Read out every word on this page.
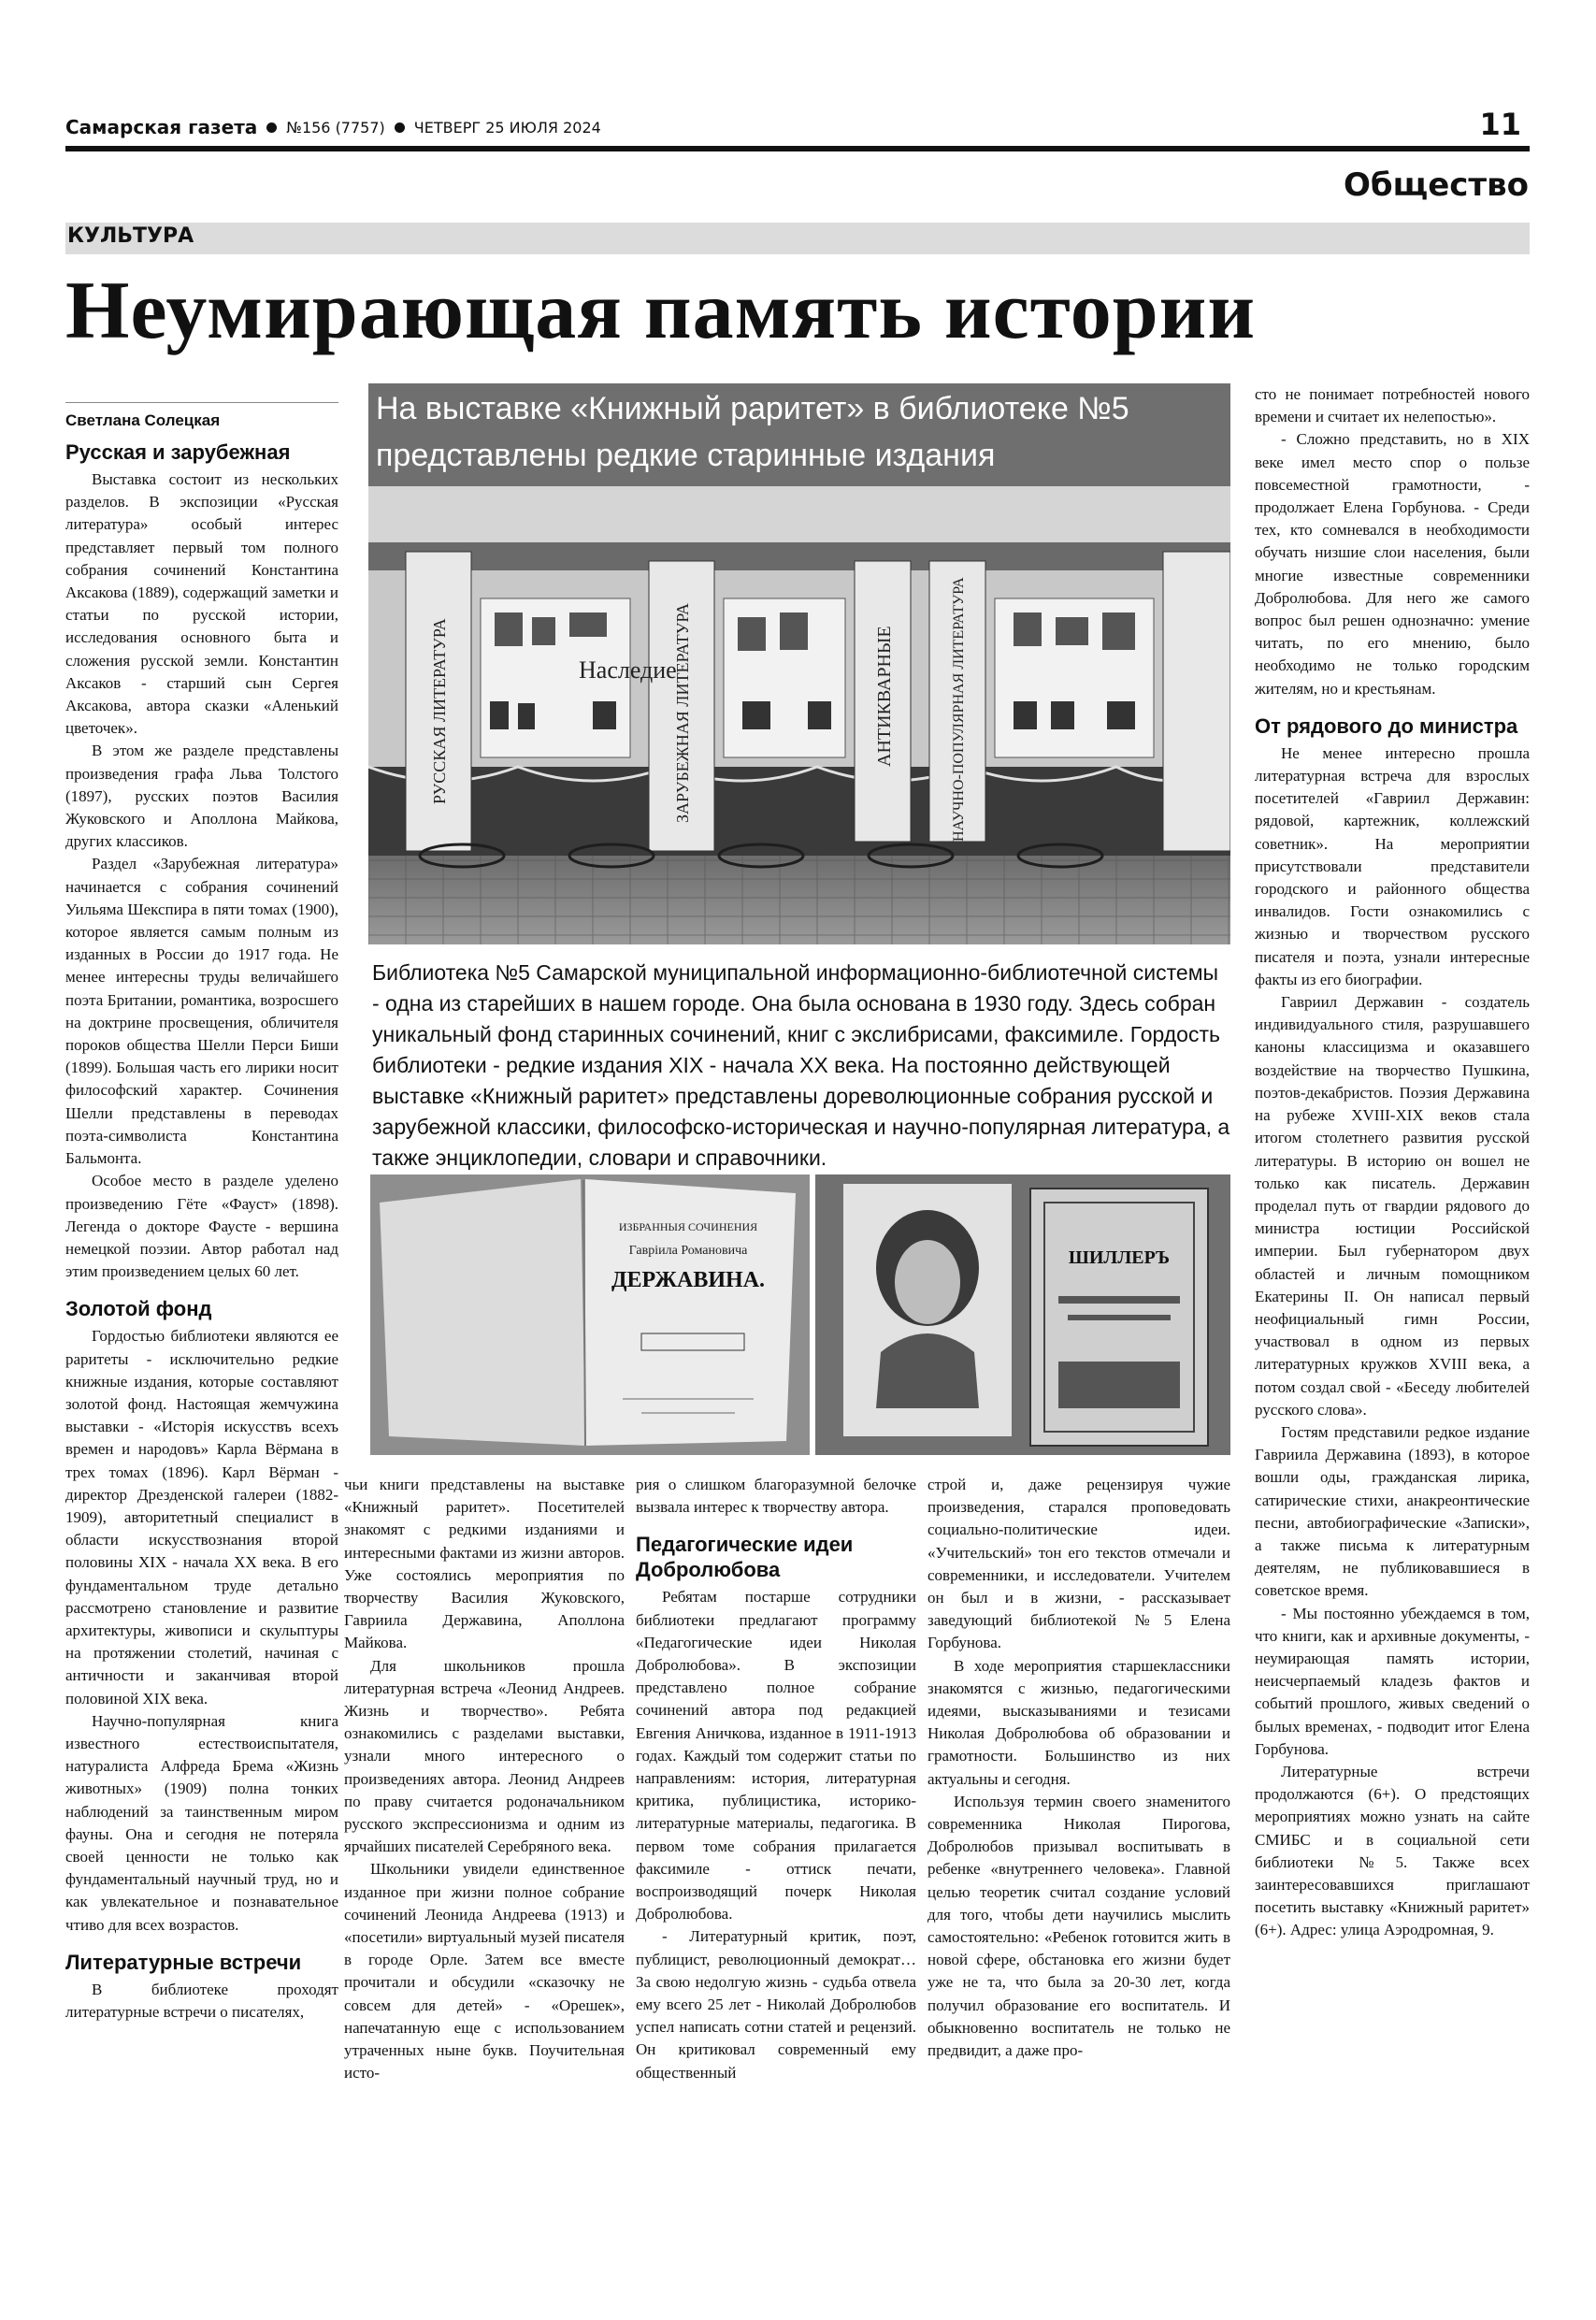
Самарская газета №156 (7757) ЧЕТВЕРГ 25 ИЮЛЯ 2024	11
Общество
КУЛЬТУРА
Неумирающая память истории
Светлана Солецкая

Русская и зарубежная

Выставка состоит из нескольких разделов. В экспозиции «Русская литература» особый интерес представляет первый том полного собрания сочинений Константина Аксакова (1889), содержащий заметки и статьи по русской истории, исследования основного быта и сложения русской земли. Константин Аксаков - старший сын Сергея Аксакова, автора сказки «Аленький цветочек».

В этом же разделе представлены произведения графа Льва Толстого (1897), русских поэтов Василия Жуковского и Аполлона Майкова, других классиков.

Раздел «Зарубежная литература» начинается с собрания сочинений Уильяма Шекспира в пяти томах (1900), которое является самым полным из изданных в России до 1917 года. Не менее интересны труды величайшего поэта Британии, романтика, возросшего на доктрине просвещения, обличителя пороков общества Шелли Перси Биши (1899). Большая часть его лирики носит философский характер. Сочинения Шелли представлены в переводах поэта-символиста Константина Бальмонта.

Особое место в разделе уделено произведению Гёте «Фауст» (1898). Легенда о докторе Фаусте - вершина немецкой поэзии. Автор работал над этим произведением целых 60 лет.

Золотой фонд

Гордостью библиотеки являются ее раритеты - исключительно редкие книжные издания, которые составляют золотой фонд. Настоящая жемчужина выставки - «Исторія искусствъ всехъ времен и народовъ» Карла Вёрмана в трех томах (1896). Карл Вёрман - директор Дрезденской галереи (1882-1909), авторитетный специалист в области искусствознания второй половины XIX - начала XX века. В его фундаментальном труде детально рассмотрено становление и развитие архитектуры, живописи и скульптуры на протяжении столетий, начиная с античности и заканчивая второй половиной XIX века.

Научно-популярная книга известного естествоиспытателя, натуралиста Алфреда Брема «Жизнь животных» (1909) полна тонких наблюдений за таинственным миром фауны. Она и сегодня не потеряла своей ценности не только как фундаментальный научный труд, но и как увлекательное и познавательное чтиво для всех возрастов.

Литературные встречи

В библиотеке проходят литературные встречи о писателях,

чьи книги представлены на выставке «Книжный раритет». Посетителей знакомят с редкими изданиями и интересными фактами из жизни авторов. Уже состоялись мероприятия по творчеству Василия Жуковского, Гавриила Державина, Аполлона Майкова.

Для школьников прошла литературная встреча «Леонид Андреев. Жизнь и творчество». Ребята ознакомились с разделами выставки, узнали много интересного о произведениях автора. Леонид Андреев по праву считается родоначальником русского экспрессионизма и одним из ярчайших писателей Серебряного века.

Школьники увидели единственное изданное при жизни полное собрание сочинений Леонида Андреева (1913) и «посетили» виртуальный музей писателя в городе Орле. Затем все вместе прочитали и обсудили «сказочку не совсем для детей» - «Орешек», напечатанную еще с использованием утраченных ныне букв. Поучительная исто-

рия о слишком благоразумной белочке вызвала интерес к творчеству автора.

Педагогические идеи Добролюбова

Ребятам постарше сотрудники библиотеки предлагают программу «Педагогические идеи Николая Добролюбова». В экспозиции представлено полное собрание сочинений автора под редакцией Евгения Аничкова, изданное в 1911-1913 годах. Каждый том содержит статьи по направлениям: история, литературная критика, публицистика, историко-литературные материалы, педагогика. В первом томе собрания прилагается факсимиле - оттиск печати, воспроизводящий почерк Николая Добролюбова.

- Литературный критик, поэт, публицист, революционный демократ… За свою недолгую жизнь - судьба отвела ему всего 25 лет - Николай Добролюбов успел написать сотни статей и рецензий. Он критиковал современный ему общественный

строй и, даже рецензируя чужие произведения, старался проповедовать социально-политические идеи. «Учительский» тон его текстов отмечали и современники, и исследователи. Учителем он был и в жизни, - рассказывает заведующий библиотекой №5 Елена Горбунова.

В ходе мероприятия старшеклассники знакомятся с жизнью, педагогическими идеями, высказываниями и тезисами Николая Добролюбова об образовании и грамотности. Большинство из них актуальны и сегодня.

Используя термин своего знаменитого современника Николая Пирогова, Добролюбов призывал воспитывать в ребенке «внутреннего человека». Главной целью теоретик считал создание условий для того, чтобы дети научились мыслить самостоятельно: «Ребенок готовится жить в новой сфере, обстановка его жизни будет уже не та, что была за 20-30 лет, когда получил образование его воспитатель. И обыкновенно воспитатель не только не предвидит, а даже про-

сто не понимает потребностей нового времени и считает их нелепостью».

- Сложно представить, но в XIX веке имел место спор о пользе повсеместной грамотности, - продолжает Елена Горбунова. - Среди тех, кто сомневался в необходимости обучать низшие слои населения, были многие известные современники Добролюбова. Для него же самого вопрос был решен однозначно: умение читать, по его мнению, было необходимо не только городским жителям, но и крестьянам.

От рядового до министра

Не менее интересно прошла литературная встреча для взрослых посетителей «Гавриил Державин: рядовой, картежник, коллежский советник». На мероприятии присутствовали представители городского и районного общества инвалидов. Гости ознакомились с жизнью и творчеством русского писателя и поэта, узнали интересные факты из его биографии.

Гавриил Державин - создатель индивидуального стиля, разрушавшего каноны классицизма и оказавшего воздействие на творчество Пушкина, поэтов-декабристов. Поэзия Державина на рубеже XVIII-XIX веков стала итогом столетнего развития русской литературы. В историю он вошел не только как писатель. Державин проделал путь от гвардии рядового до министра юстиции Российской империи. Был губернатором двух областей и личным помощником Екатерины II. Он написал первый неофициальный гимн России, участвовал в одном из первых литературных кружков XVIII века, а потом создал свой - «Беседу любителей русского слова».

Гостям представили редкое издание Гавриила Державина (1893), в которое вошли оды, гражданская лирика, сатирические стихи, анакреонтические песни, автобиографические «Записки», а также письма к литературным деятелям, не публиковавшиеся в советское время.

- Мы постоянно убеждаемся в том, что книги, как и архивные документы, - неумирающая память истории, неисчерпаемый кладезь фактов и событий прошлого, живых сведений о былых временах, - подводит итог Елена Горбунова.

Литературные встречи продолжаются (6+). О предстоящих мероприятиях можно узнать на сайте СМИБС и в социальной сети библиотеки №5. Также всех заинтересовавшихся приглашают посетить выставку «Книжный раритет» (6+). Адрес: улица Аэродромная, 9.

На выставке «Книжный раритет» в библиотеке №5 представлены редкие старинные издания
Наследие
РУССКАЯ ЛИТЕРАТУРА	ЗАРУБЕЖНАЯ ЛИТЕРАТУРА	АНТИКВАРНЫЕ	НАУЧНО-ПОПУЛЯРНАЯ ЛИТЕРАТУРА
Библиотека №5 Самарской муниципальной информационно-библиотечной системы - одна из старейших в нашем городе. Она была основана в 1930 году. Здесь собран уникальный фонд старинных сочинений, книг с экслибрисами, факсимиле. Гордость библиотеки - редкие издания XIX - начала XX века. На постоянно действующей выставке «Книжный раритет» представлены дореволюционные собрания русской и зарубежной классики, философско-историческая и научно-популярная литература, а также энциклопедии, словари и справочники.
ИЗБРАННЫЯ СОЧИНЕНИЯ
Гавріила Романовича
ДЕРЖАВИНА.
ШИЛЛЕРЪ
